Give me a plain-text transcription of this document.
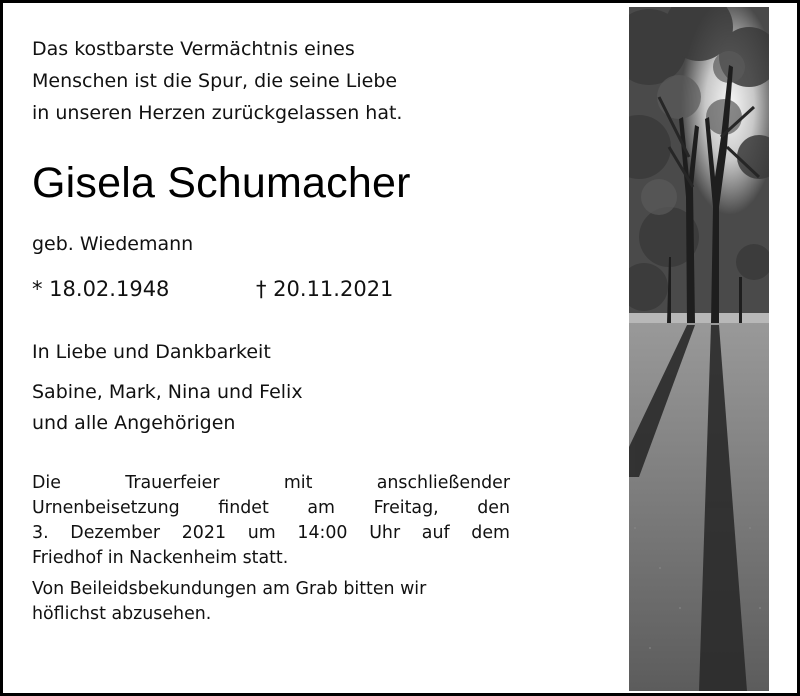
Das kostbarste Vermächtnis eines
Menschen ist die Spur, die seine Liebe
in unseren Herzen zurückgelassen hat.
Gisela Schumacher
geb. Wiedemann
* 18.02.1948	† 20.11.2021
In Liebe und Dankbarkeit
Sabine, Mark, Nina und Felix
und alle Angehörigen
Die Trauerfeier mit anschließender
Urnenbeisetzung findet am Freitag, den
3. Dezember 2021 um 14:00 Uhr auf dem
Friedhof in Nackenheim statt.
Von Beileidsbekundungen am Grab bitten wir
höflichst abzusehen.
